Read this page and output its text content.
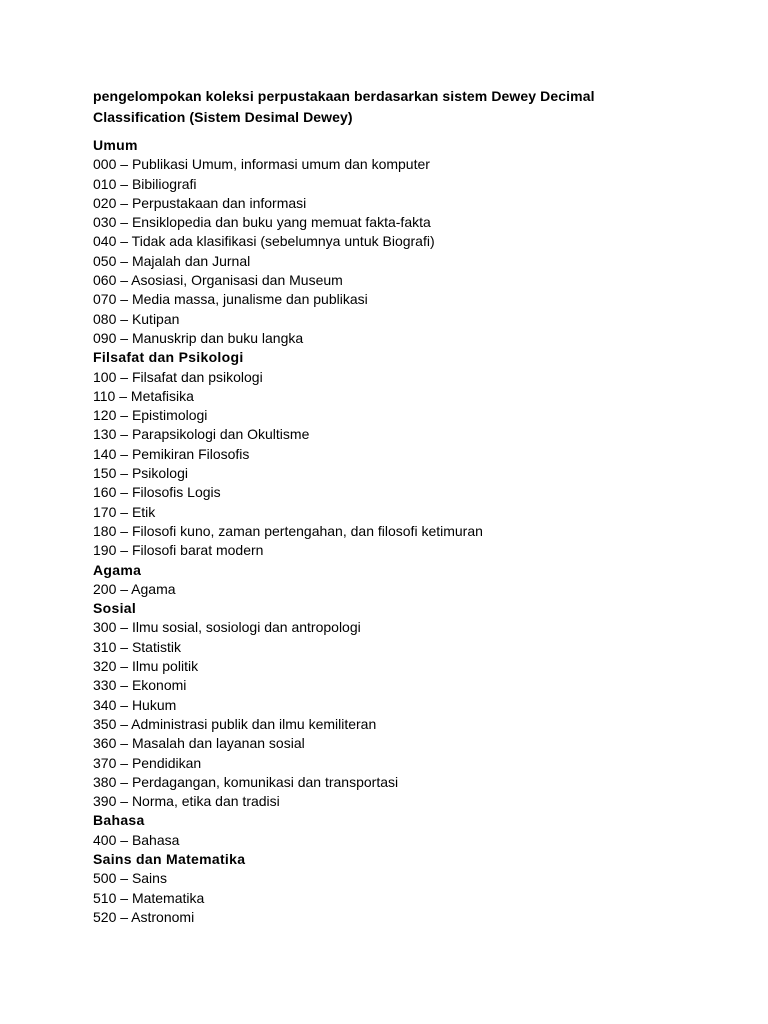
pengelompokan koleksi perpustakaan berdasarkan sistem Dewey Decimal
Classification (Sistem Desimal Dewey)
Umum
000 – Publikasi Umum, informasi umum dan komputer
010 – Bibiliografi
020 – Perpustakaan dan informasi
030 – Ensiklopedia dan buku yang memuat fakta-fakta
040 – Tidak ada klasifikasi (sebelumnya untuk Biografi)
050 – Majalah dan Jurnal
060 – Asosiasi, Organisasi dan Museum
070 – Media massa, junalisme dan publikasi
080 – Kutipan
090 – Manuskrip dan buku langka
Filsafat dan Psikologi
100 – Filsafat dan psikologi
110 – Metafisika
120 – Epistimologi
130 – Parapsikologi dan Okultisme
140 – Pemikiran Filosofis
150 – Psikologi
160 – Filosofis Logis
170 – Etik
180 – Filosofi kuno, zaman pertengahan, dan filosofi ketimuran
190 – Filosofi barat modern
Agama
200 – Agama
Sosial
300 – Ilmu sosial, sosiologi dan antropologi
310 – Statistik
320 – Ilmu politik
330 – Ekonomi
340 – Hukum
350 – Administrasi publik dan ilmu kemiliteran
360 – Masalah dan layanan sosial
370 – Pendidikan
380 – Perdagangan, komunikasi dan transportasi
390 – Norma, etika dan tradisi
Bahasa
400 – Bahasa
Sains dan Matematika
500 – Sains
510 – Matematika
520 – Astronomi
